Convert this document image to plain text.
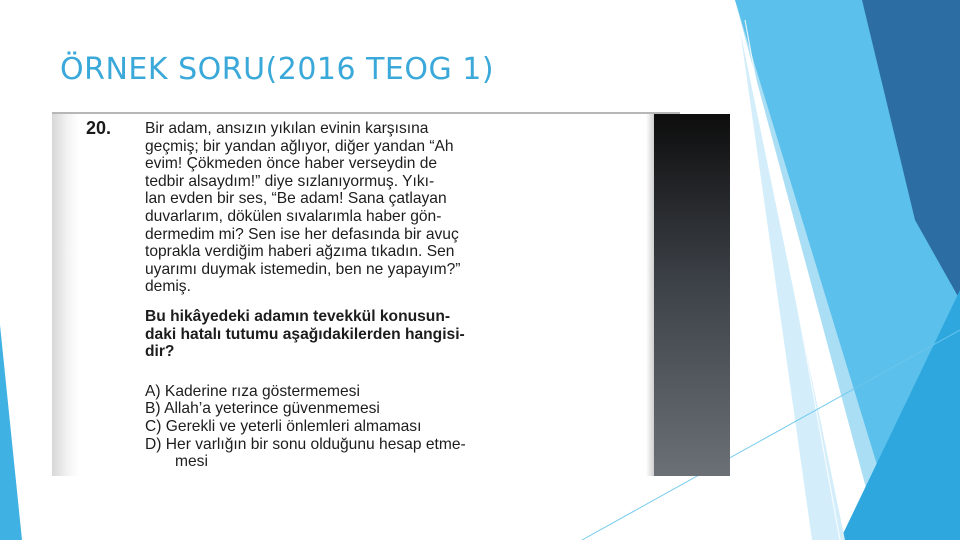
ÖRNEK SORU(2016 TEOG 1)
20. Bir adam, ansızın yıkılan evinin karşısına
geçmiş; bir yandan ağlıyor, diğer yandan “Ah
evim! Çökmeden önce haber verseydin de
tedbir alsaydım!” diye sızlanıyormuş. Yıkı-
lan evden bir ses, “Be adam! Sana çatlayan
duvarlarım, dökülen sıvalarımla haber gön-
dermedim mi? Sen ise her defasında bir avuç
toprakla verdiğim haberi ağzıma tıkadın. Sen
uyarımı duymak istemedin, ben ne yapayım?”
demiş.
Bu hikâyedeki adamın tevekkül konusun-
daki hatalı tutumu aşağıdakilerden hangisi-
dir?
A) Kaderine rıza göstermemesi
B) Allah’a yeterince güvenmemesi
C) Gerekli ve yeterli önlemleri almaması
D) Her varlığın bir sonu olduğunu hesap etme-
mesi
